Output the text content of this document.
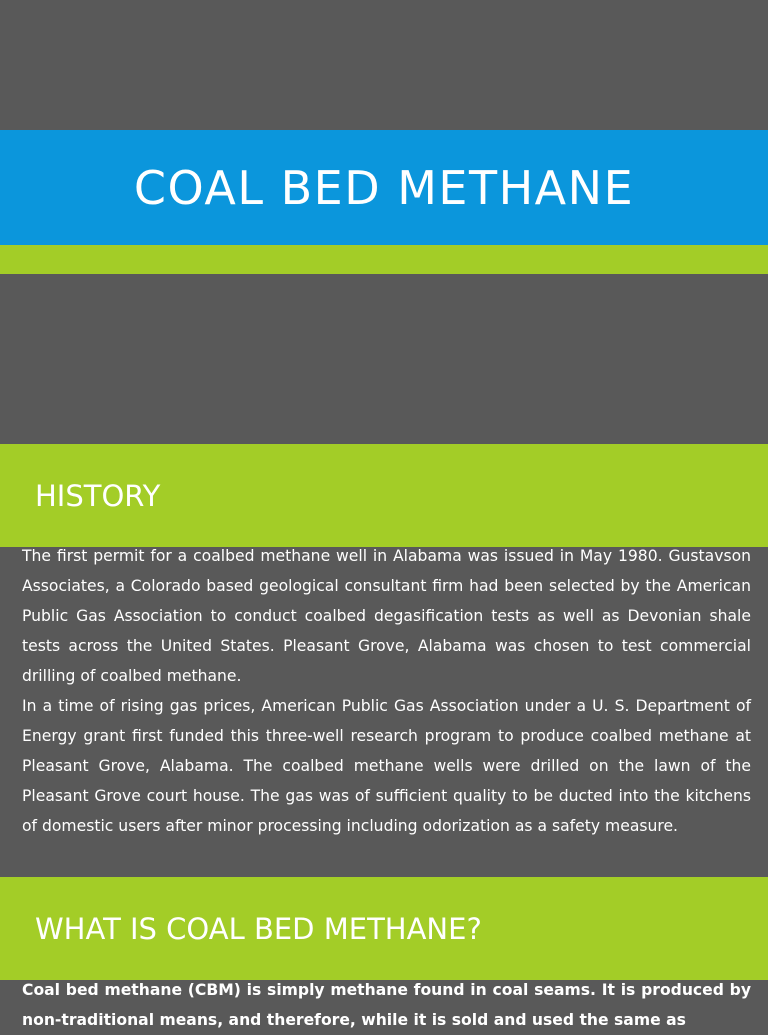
COAL BED METHANE
HISTORY

The first permit for a coalbed methane well in Alabama was issued in May 1980. Gustavson Associates, a Colorado based geological consultant firm had been selected by the American Public Gas Association to conduct coalbed degasification tests as well as Devonian shale tests across the United States. Pleasant Grove, Alabama was chosen to test commercial drilling of coalbed methane.

In a time of rising gas prices, American Public Gas Association under a U. S. Department of Energy grant first funded this three-well research program to produce coalbed methane at Pleasant Grove, Alabama. The coalbed methane wells were drilled on the lawn of the Pleasant Grove court house. The gas was of sufficient quality to be ducted into the kitchens of domestic users after minor processing including odorization as a safety measure.

WHAT IS COAL BED METHANE?

Coal bed methane (CBM) is simply methane found in coal seams. It is produced by non-traditional means, and therefore, while it is sold and used the same as
